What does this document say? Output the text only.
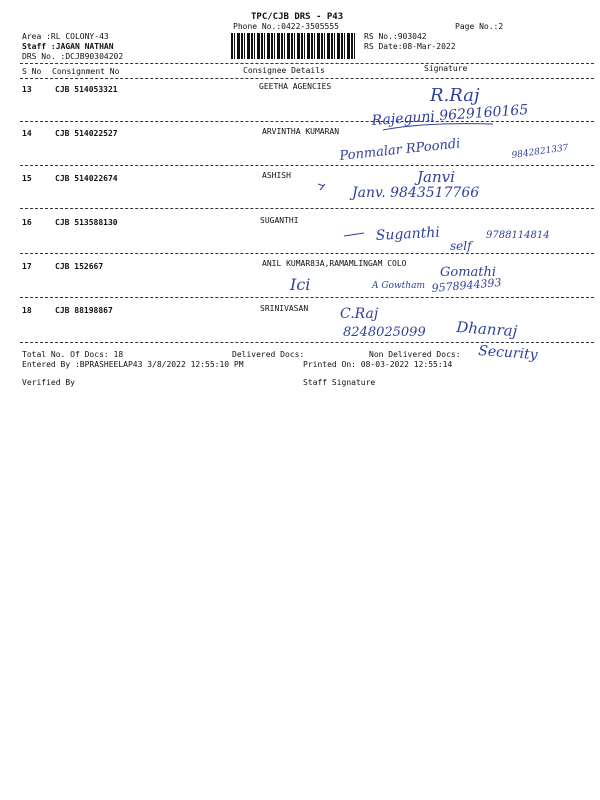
TPC/CJB DRS - P43
Phone No.:0422-3505555	Page No.:2
Area :RL COLONY-43
Staff :JAGAN NATHAN
DRS No. :DCJB90304202
RS No.:903042
RS Date:08-Mar-2022
S No Consignment No	Consignee Details	Signature
13	CJB 514053321	GEETHA AGENCIES
14	CJB 514022527	ARVINTHA KUMARAN
15	CJB 514022674	ASHISH
16	CJB 513588130	SUGANTHI
17	CJB 152667	ANIL KUMAR83A,RAMAMLINGAM COLO
18	CJB 88198867	SRINIVASAN
Total No. Of Docs: 18	Delivered Docs:	Non Delivered Docs:
Entered By :BPRASHEELAP43 3/8/2022 12:55:10 PM	Printed On: 08-03-2022 12:55:14
Verified By	Staff Signature
R.Raj
Rajeguni 9629160165
Ponmalar RPoondi	9842821337
Janvi
Janv. 9843517766
Suganthi
self
9788114814
Ici	A Gowtham
Gomathi
9578944393
C.Raj
8248025099 Dhanraj
Security
